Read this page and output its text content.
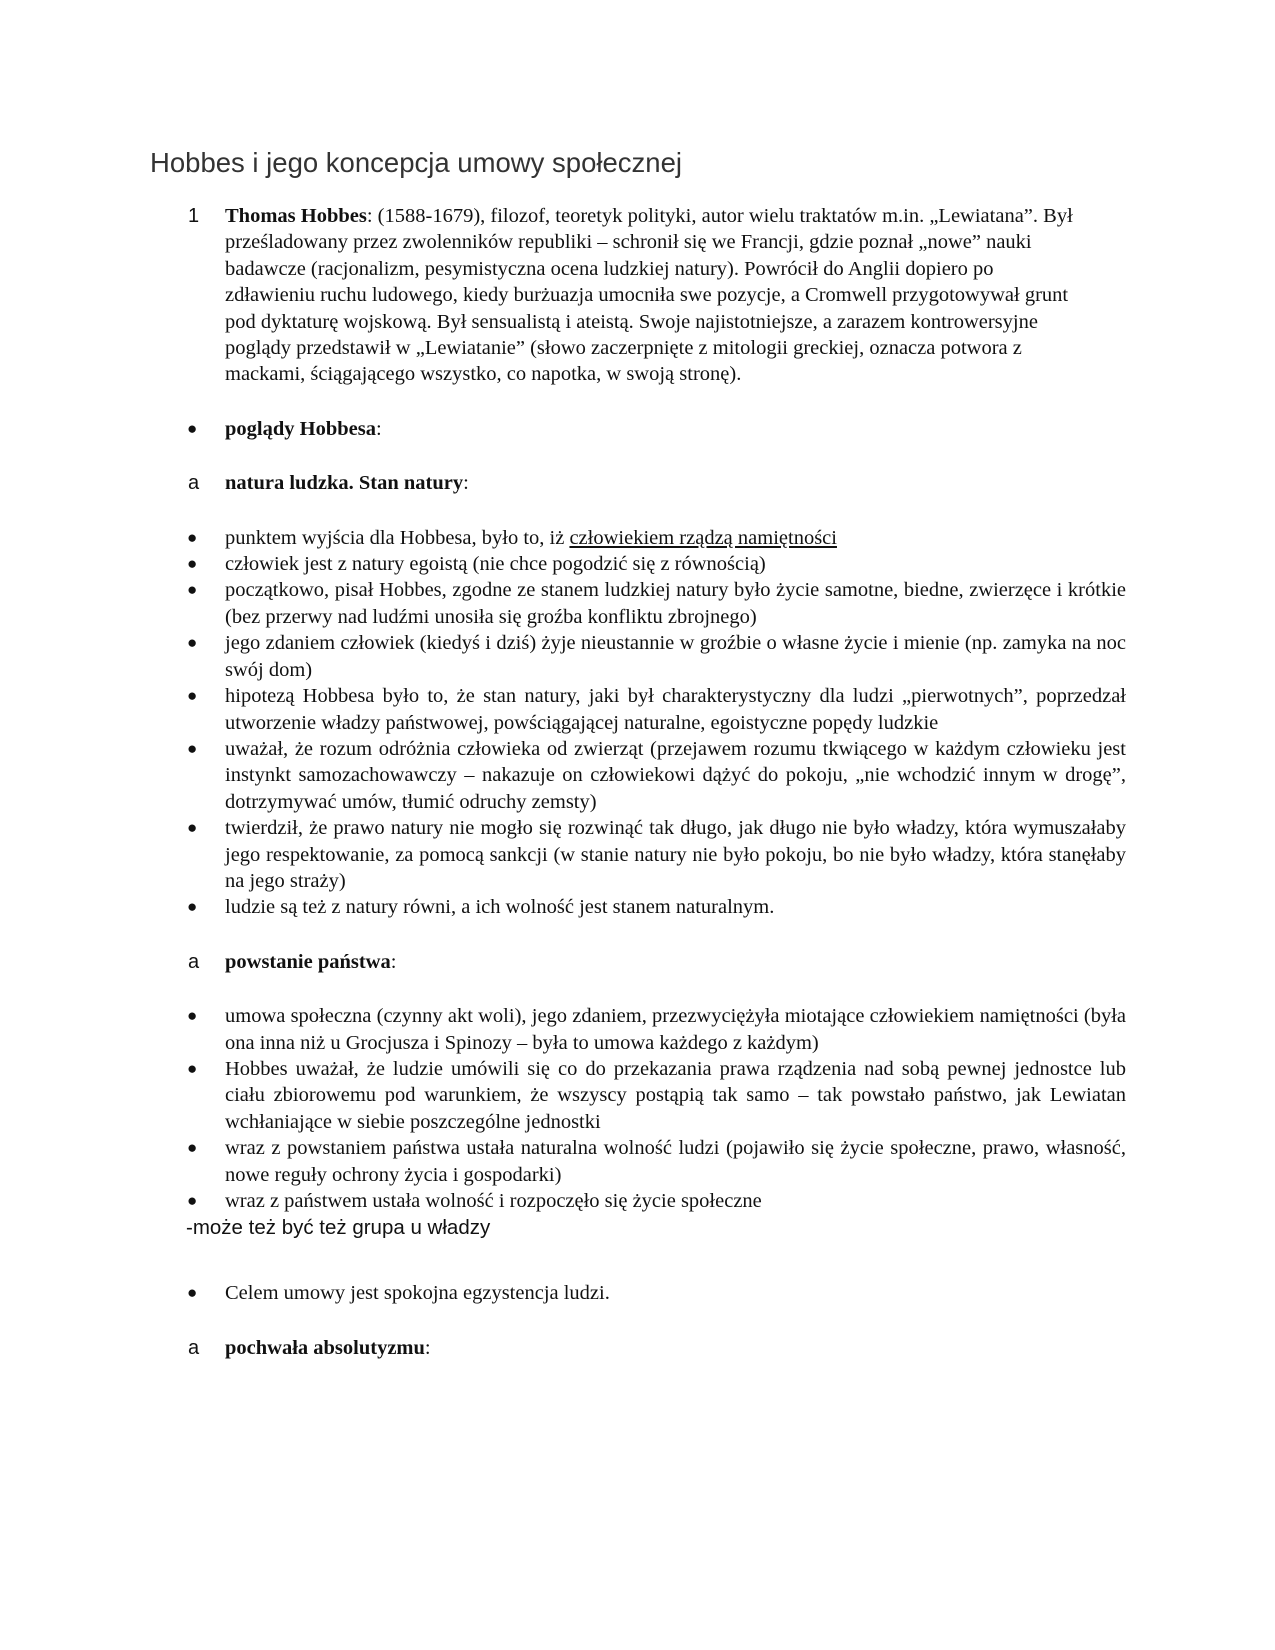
Hobbes i jego koncepcja umowy społecznej
1	Thomas Hobbes: (1588-1679), filozof, teoretyk polityki, autor wielu traktatów m.in. „Lewiatana”. Był prześladowany przez zwolenników republiki – schronił się we Francji, gdzie poznał „nowe” nauki badawcze (racjonalizm, pesymistyczna ocena ludzkiej natury). Powrócił do Anglii dopiero po zdławieniu ruchu ludowego, kiedy burżuazja umocniła swe pozycje, a Cromwell przygotowywał grunt pod dyktaturę wojskową. Był sensualistą i ateistą. Swoje najistotniejsze, a zarazem kontrowersyjne poglądy przedstawił w „Lewiatanie” (słowo zaczerpnięte z mitologii greckiej, oznacza potwora z mackami, ściągającego wszystko, co napotka, w swoją stronę).
●	poglądy Hobbesa:
a	natura ludzka. Stan natury:
●	punktem wyjścia dla Hobbesa, było to, iż człowiekiem rządzą namiętności
●	człowiek jest z natury egoistą (nie chce pogodzić się z równością)
●	początkowo, pisał Hobbes, zgodne ze stanem ludzkiej natury było życie samotne, biedne, zwierzęce i krótkie (bez przerwy nad ludźmi unosiła się groźba konfliktu zbrojnego)
●	jego zdaniem człowiek (kiedyś i dziś) żyje nieustannie w groźbie o własne życie i mienie (np. zamyka na noc swój dom)
●	hipotezą Hobbesa było to, że stan natury, jaki był charakterystyczny dla ludzi „pierwotnych”, poprzedzał utworzenie władzy państwowej, powściągającej naturalne, egoistyczne popędy ludzkie
●	uważał, że rozum odróżnia człowieka od zwierząt (przejawem rozumu tkwiącego w każdym człowieku jest instynkt samozachowawczy – nakazuje on człowiekowi dążyć do pokoju, „nie wchodzić innym w drogę”, dotrzymywać umów, tłumić odruchy zemsty)
●	twierdził, że prawo natury nie mogło się rozwinąć tak długo, jak długo nie było władzy, która wymuszałaby jego respektowanie, za pomocą sankcji (w stanie natury nie było pokoju, bo nie było władzy, która stanęłaby na jego straży)
●	ludzie są też z natury równi, a ich wolność jest stanem naturalnym.
a	powstanie państwa:
●	umowa społeczna (czynny akt woli), jego zdaniem, przezwyciężyła miotające człowiekiem namiętności (była ona inna niż u Grocjusza i Spinozy – była to umowa każdego z każdym)
●	Hobbes uważał, że ludzie umówili się co do przekazania prawa rządzenia nad sobą pewnej jednostce lub ciału zbiorowemu pod warunkiem, że wszyscy postąpią tak samo – tak powstało państwo, jak Lewiatan wchłaniające w siebie poszczególne jednostki
●	wraz z powstaniem państwa ustała naturalna wolność ludzi (pojawiło się życie społeczne, prawo, własność, nowe reguły ochrony życia i gospodarki)
●	wraz z państwem ustała wolność i rozpoczęło się życie społeczne
-może też być też grupa u władzy
●	Celem umowy jest spokojna egzystencja ludzi.
a	pochwała absolutyzmu:
